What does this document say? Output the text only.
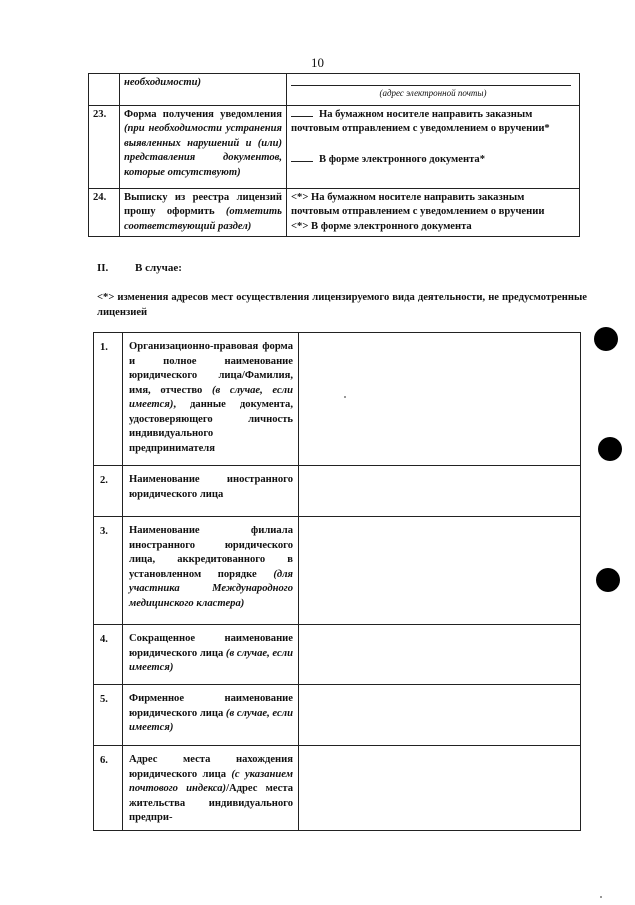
10
	необходимости)	(адрес электронной почты)

23.	Форма получения уведомления (при необходимости устранения выявленных нарушений и (или) представления документов, которые отсутствуют)	На бумажном носителе направить заказным почтовым отправлением с уведомлением о вручении*
В форме электронного документа*

24.	Выписку из реестра лицензий прошу оформить (отметить соответствующий раздел)	<*> На бумажном носителе направить заказным почтовым отправлением с уведомлением о вручении
<*> В форме электронного документа
II. В случае:
<*> изменения адресов мест осуществления лицензируемого вида деятельности, не предусмотренные лицензией
1.	Организационно-правовая форма и полное наименование юридического лица/Фамилия, имя, отчество (в случае, если имеется), данные документа, удостоверяющего личность индивидуального предпринимателя	
2.	Наименование иностранного юридического лица	
3.	Наименование филиала иностранного юридического лица, аккредитованного в установленном порядке (для участника Международного медицинского кластера)	
4.	Сокращенное наименование юридического лица (в случае, если имеется)	
5.	Фирменное наименование юридического лица (в случае, если имеется)	
6.	Адрес места нахождения юридического лица (с указанием почтового индекса)/Адрес места жительства индивидуального предпри-	
